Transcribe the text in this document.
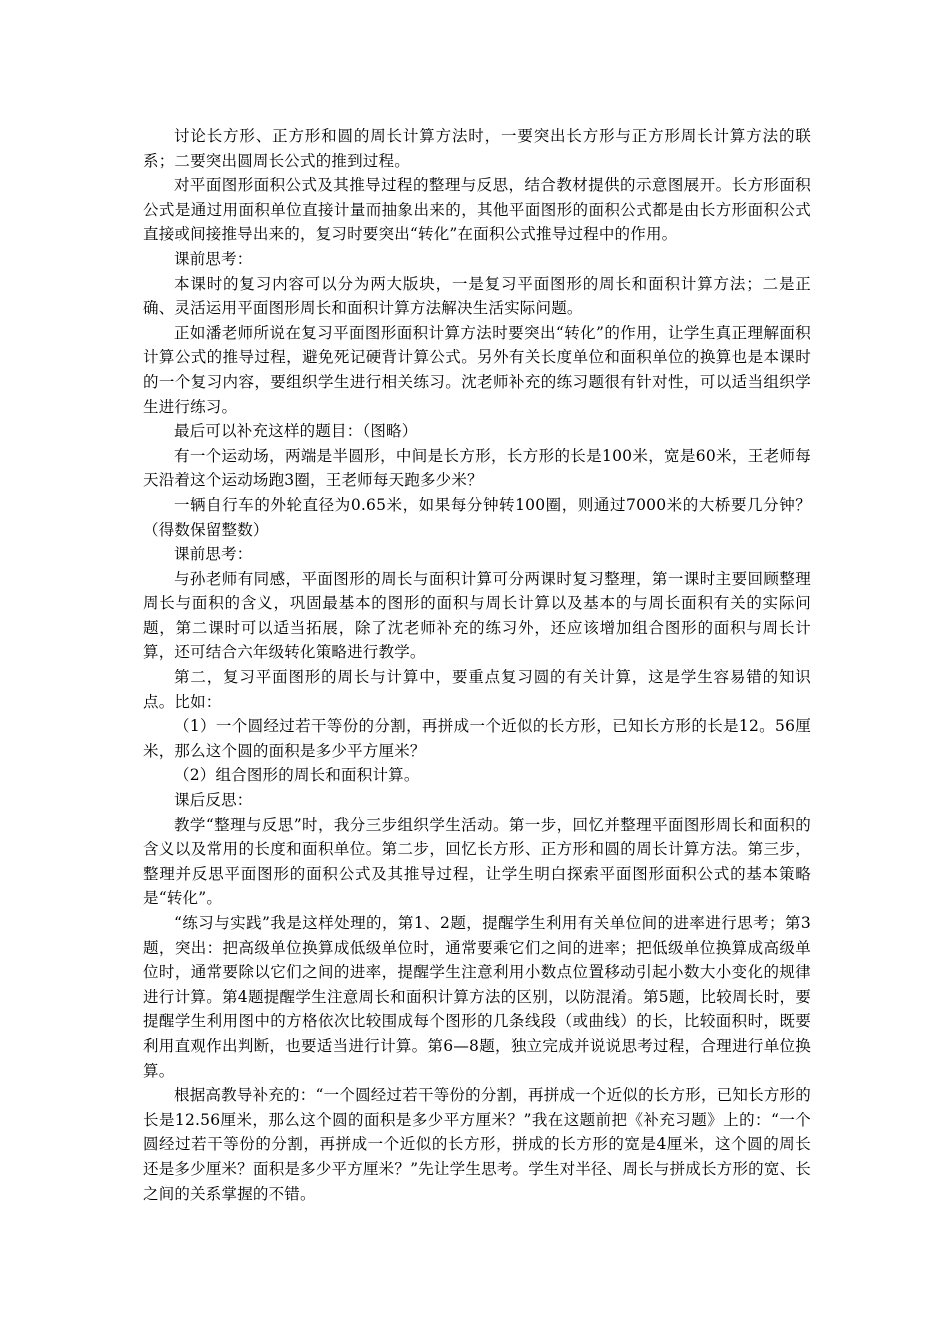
讨论长方形、正方形和圆的周长计算方法时，一要突出长方形与正方形周长计算方法的联系；二要突出圆周长公式的推到过程。

对平面图形面积公式及其推导过程的整理与反思，结合教材提供的示意图展开。长方形面积公式是通过用面积单位直接计量而抽象出来的，其他平面图形的面积公式都是由长方形面积公式直接或间接推导出来的，复习时要突出“转化”在面积公式推导过程中的作用。

课前思考：

本课时的复习内容可以分为两大版块，一是复习平面图形的周长和面积计算方法；二是正确、灵活运用平面图形周长和面积计算方法解决生活实际问题。

正如潘老师所说在复习平面图形面积计算方法时要突出“转化”的作用，让学生真正理解面积计算公式的推导过程，避免死记硬背计算公式。另外有关长度单位和面积单位的换算也是本课时的一个复习内容，要组织学生进行相关练习。沈老师补充的练习题很有针对性，可以适当组织学生进行练习。

最后可以补充这样的题目：（图略）

有一个运动场，两端是半圆形，中间是长方形，长方形的长是100米，宽是60米，王老师每天沿着这个运动场跑3圈，王老师每天跑多少米？

一辆自行车的外轮直径为0.65米，如果每分钟转100圈，则通过7000米的大桥要几分钟？（得数保留整数）

课前思考：

与孙老师有同感，平面图形的周长与面积计算可分两课时复习整理，第一课时主要回顾整理周长与面积的含义，巩固最基本的图形的面积与周长计算以及基本的与周长面积有关的实际问题，第二课时可以适当拓展，除了沈老师补充的练习外，还应该增加组合图形的面积与周长计算，还可结合六年级转化策略进行教学。

第二，复习平面图形的周长与计算中，要重点复习圆的有关计算，这是学生容易错的知识点。比如：

（1）一个圆经过若干等份的分割，再拼成一个近似的长方形，已知长方形的长是12。56厘米，那么这个圆的面积是多少平方厘米？

（2）组合图形的周长和面积计算。

课后反思：

教学“整理与反思”时，我分三步组织学生活动。第一步，回忆并整理平面图形周长和面积的含义以及常用的长度和面积单位。第二步，回忆长方形、正方形和圆的周长计算方法。第三步，整理并反思平面图形的面积公式及其推导过程，让学生明白探索平面图形面积公式的基本策略是“转化”。

“练习与实践”我是这样处理的，第1、2题，提醒学生利用有关单位间的进率进行思考；第3题，突出：把高级单位换算成低级单位时，通常要乘它们之间的进率；把低级单位换算成高级单位时，通常要除以它们之间的进率，提醒学生注意利用小数点位置移动引起小数大小变化的规律进行计算。第4题提醒学生注意周长和面积计算方法的区别，以防混淆。第5题，比较周长时，要提醒学生利用图中的方格依次比较围成每个图形的几条线段（或曲线）的长，比较面积时，既要利用直观作出判断，也要适当进行计算。第6—8题，独立完成并说说思考过程，合理进行单位换算。

根据高教导补充的：“一个圆经过若干等份的分割，再拼成一个近似的长方形，已知长方形的长是12.56厘米，那么这个圆的面积是多少平方厘米？”我在这题前把《补充习题》上的：“一个圆经过若干等份的分割，再拼成一个近似的长方形，拼成的长方形的宽是4厘米，这个圆的周长还是多少厘米？面积是多少平方厘米？”先让学生思考。学生对半径、周长与拼成长方形的宽、长之间的关系掌握的不错。
